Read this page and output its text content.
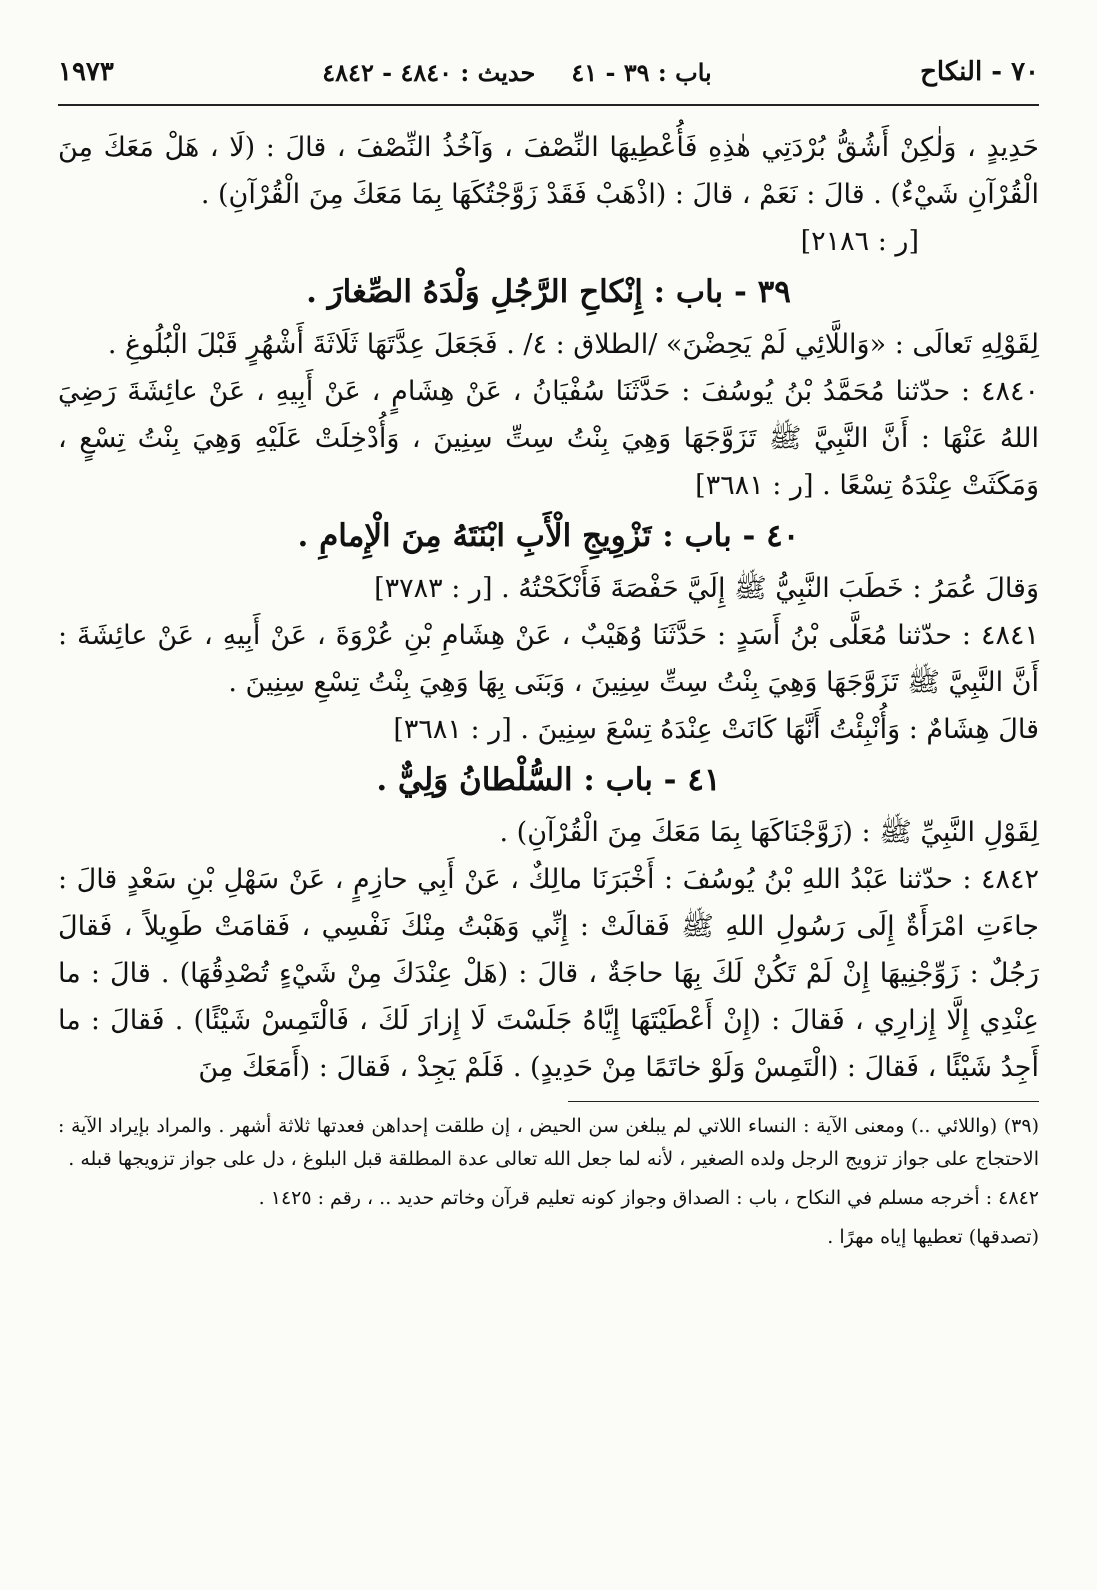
٧٠ - النكاح
باب : ٣٩ - ٤١
حديث : ٤٨٤٠ - ٤٨٤٢
١٩٧٣

حَدِيدٍ ، وَلٰكِنْ أَشُقُّ بُرْدَتِي هٰذِهِ فَأُعْطِيهَا النِّصْفَ ، وَآخُذُ النِّصْفَ ، قالَ : (لَا ، هَلْ مَعَكَ مِنَ الْقُرْآنِ شَيْءٌ) . قالَ : نَعَمْ ، قالَ : (اذْهَبْ فَقَدْ زَوَّجْتُكَهَا بِمَا مَعَكَ مِنَ الْقُرْآنِ) .

[ر : ٢١٨٦]

٣٩ - باب : إِنْكاحِ الرَّجُلِ وَلْدَهُ الصِّغارَ .

لِقَوْلِهِ تَعالَى : «وَاللَّائِي لَمْ يَحِضْنَ» /الطلاق : ٤/ . فَجَعَلَ عِدَّتَهَا ثَلَاثَةَ أَشْهُرٍ قَبْلَ الْبُلُوغِ .

٤٨٤٠ : حدّثنا مُحَمَّدُ بْنُ يُوسُفَ : حَدَّثَنَا سُفْيَانُ ، عَنْ هِشَامٍ ، عَنْ أَبِيهِ ، عَنْ عائِشَةَ رَضِيَ اللهُ عَنْهَا : أَنَّ النَّبِيَّ ﷺ تَزَوَّجَهَا وَهِيَ بِنْتُ سِتِّ سِنِينَ ، وَأُدْخِلَتْ عَلَيْهِ وَهِيَ بِنْتُ تِسْعٍ ، وَمَكَثَتْ عِنْدَهُ تِسْعًا . [ر : ٣٦٨١]

٤٠ - باب : تَزْوِيجِ الْأَبِ ابْنَتَهُ مِنَ الْإِمامِ .

وَقالَ عُمَرُ : خَطَبَ النَّبِيُّ ﷺ إِلَيَّ حَفْصَةَ فَأَنْكَحْتُهُ . [ر : ٣٧٨٣]

٤٨٤١ : حدّثنا مُعَلَّى بْنُ أَسَدٍ : حَدَّثَنَا وُهَيْبٌ ، عَنْ هِشَامِ بْنِ عُرْوَةَ ، عَنْ أَبِيهِ ، عَنْ عائِشَةَ : أَنَّ النَّبِيَّ ﷺ تَزَوَّجَهَا وَهِيَ بِنْتُ سِتِّ سِنِينَ ، وَبَنَى بِهَا وَهِيَ بِنْتُ تِسْعِ سِنِينَ .

قالَ هِشَامٌ : وَأُنْبِئْتُ أَنَّهَا كَانَتْ عِنْدَهُ تِسْعَ سِنِينَ . [ر : ٣٦٨١]

٤١ - باب : السُّلْطانُ وَلِيٌّ .

لِقَوْلِ النَّبِيِّ ﷺ : (زَوَّجْنَاكَهَا بِمَا مَعَكَ مِنَ الْقُرْآنِ) .

٤٨٤٢ : حدّثنا عَبْدُ اللهِ بْنُ يُوسُفَ : أَخْبَرَنَا مالِكٌ ، عَنْ أَبِي حازِمٍ ، عَنْ سَهْلِ بْنِ سَعْدٍ قالَ : جاءَتِ امْرَأَةٌ إِلَى رَسُولِ اللهِ ﷺ فَقالَتْ : إِنِّي وَهَبْتُ مِنْكَ نَفْسِي ، فَقامَتْ طَوِيلاً ، فَقالَ رَجُلٌ : زَوِّجْنِيهَا إِنْ لَمْ تَكُنْ لَكَ بِهَا حاجَةٌ ، قالَ : (هَلْ عِنْدَكَ مِنْ شَيْءٍ تُصْدِقُهَا) . قالَ : ما عِنْدِي إِلَّا إِزارِي ، فَقالَ : (إِنْ أَعْطَيْتَهَا إِيَّاهُ جَلَسْتَ لَا إِزارَ لَكَ ، فَالْتَمِسْ شَيْئًا) . فَقالَ : ما أَجِدُ شَيْئًا ، فَقالَ : (الْتَمِسْ وَلَوْ خاتَمًا مِنْ حَدِيدٍ) . فَلَمْ يَجِدْ ، فَقالَ : (أَمَعَكَ مِنَ

(٣٩) (واللائي ..) ومعنى الآية : النساء اللاتي لم يبلغن سن الحيض ، إن طلقت إحداهن فعدتها ثلاثة أشهر . والمراد بإيراد الآية : الاحتجاج على جواز تزويج الرجل ولده الصغير ، لأنه لما جعل الله تعالى عدة المطلقة قبل البلوغ ، دل على جواز تزويجها قبله .

٤٨٤٢ : أخرجه مسلم في النكاح ، باب : الصداق وجواز كونه تعليم قرآن وخاتم حديد .. ، رقم : ١٤٢٥ .

(تصدقها) تعطيها إياه مهرًا .
